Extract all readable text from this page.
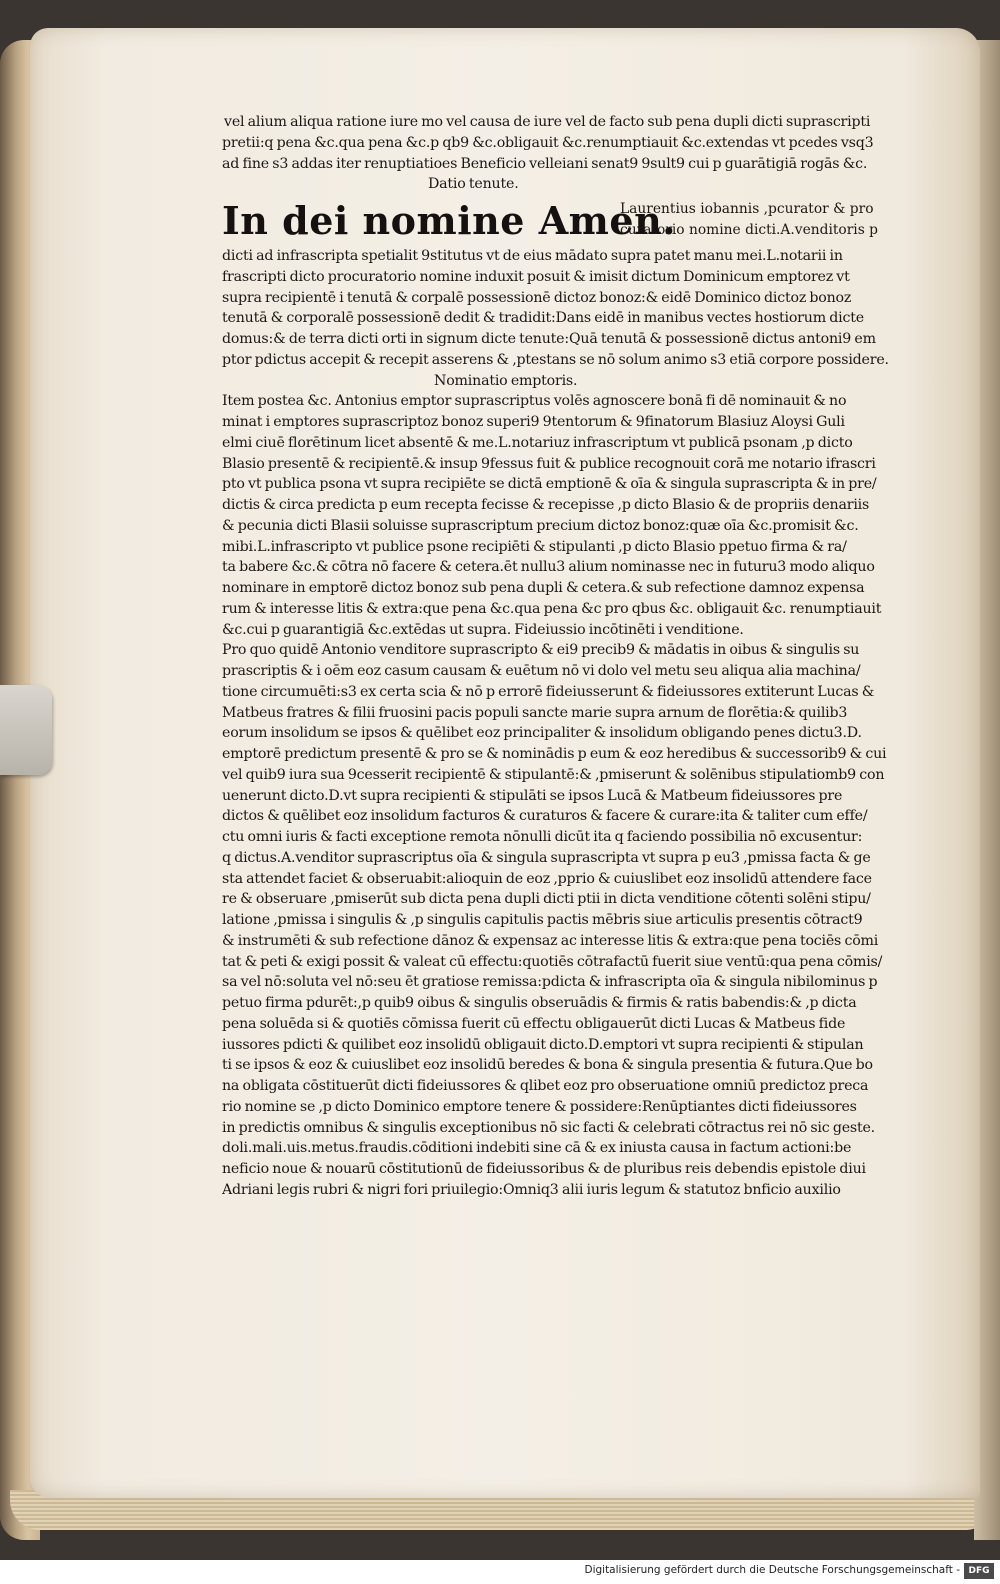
vel alium aliqua ratione iure mo vel causa de iure vel de facto sub pena dupli dicti suprascripti
pretii:q pena &c.qua pena &c.p qb9 &c.obligauit &c.renumptiauit &c.extendas vt pcedes vsq3
ad fine s3 addas iter renuptiatioes Beneficio velleiani senat9 9sult9 cui p guarātigiā rogās &c.
Datio tenute.
In dei nomine Amen.
Laurentius iobannis ,pcurator & pro
curatorio nomine dicti.A.venditoris p
dicti ad infrascripta spetialit 9stitutus vt de eius mādato supra patet manu mei.L.notarii in
frascripti dicto procuratorio nomine induxit posuit & imisit dictum Dominicum emptorez vt
supra recipientē i tenutā & corpalē possessionē dictoz bonoz:& eidē Dominico dictoz bonoz
tenutā & corporalē possessionē dedit & tradidit:Dans eidē in manibus vectes hostiorum dicte
domus:& de terra dicti orti in signum dicte tenute:Quā tenutā & possessionē dictus antoni9 em
ptor pdictus accepit & recepit asserens & ,ptestans se nō solum animo s3 etiā corpore possidere.
Nominatio emptoris.
Item postea &c. Antonius emptor suprascriptus volēs agnoscere bonā fi dē nominauit & no
minat i emptores suprascriptoz bonoz superi9 9tentorum & 9finatorum Blasiuz Aloysi Guli
elmi ciuē florētinum licet absentē & me.L.notariuz infrascriptum vt publicā psonam ,p dicto
Blasio presentē & recipientē.& insup 9fessus fuit & publice recognouit corā me notario ifrascri
pto vt publica psona vt supra recipiēte se dictā emptionē & oīa & singula suprascripta & in pre/
dictis & circa predicta p eum recepta fecisse & recepisse ,p dicto Blasio & de propriis denariis
& pecunia dicti Blasii soluisse suprascriptum precium dictoz bonoz:quæ oīa &c.promisit &c.
mibi.L.infrascripto vt publice psone recipiēti & stipulanti ,p dicto Blasio ppetuo firma & ra/
ta babere &c.& cōtra nō facere & cetera.ēt nullu3 alium nominasse nec in futuru3 modo aliquo
nominare in emptorē dictoz bonoz sub pena dupli & cetera.& sub refectione damnoz expensa
rum & interesse litis & extra:que pena &c.qua pena &c pro qbus &c. obligauit &c. renumptiauit
&c.cui p guarantigiā &c.extēdas ut supra. Fideiussio incōtinēti i venditione.
Pro quo quidē Antonio venditore suprascripto & ei9 precib9 & mādatis in oibus & singulis su
prascriptis & i oēm eoz casum causam & euētum nō vi dolo vel metu seu aliqua alia machina/
tione circumuēti:s3 ex certa scia & nō p errorē fideiusserunt & fideiussores extiterunt Lucas &
Matbeus fratres & filii fruosini pacis populi sancte marie supra arnum de florētia:& quilib3
eorum insolidum se ipsos & quēlibet eoz principaliter & insolidum obligando penes dictu3.D.
emptorē predictum presentē & pro se & nominādis p eum & eoz heredibus & successorib9 & cui
vel quib9 iura sua 9cesserit recipientē & stipulantē:& ,pmiserunt & solēnibus stipulatiomb9 con
uenerunt dicto.D.vt supra recipienti & stipulāti se ipsos Lucā & Matbeum fideiussores pre
dictos & quēlibet eoz insolidum facturos & curaturos & facere & curare:ita & taliter cum effe/
ctu omni iuris & facti exceptione remota nōnulli dicūt ita q faciendo possibilia nō excusentur:
q dictus.A.venditor suprascriptus oīa & singula suprascripta vt supra p eu3 ,pmissa facta & ge
sta attendet faciet & obseruabit:alioquin de eoz ,pprio & cuiuslibet eoz insolidū attendere face
re & obseruare ,pmiserūt sub dicta pena dupli dicti ptii in dicta venditione cōtenti solēni stipu/
latione ,pmissa i singulis & ,p singulis capitulis pactis mēbris siue articulis presentis cōtract9
& instrumēti & sub refectione dānoz & expensaz ac interesse litis & extra:que pena tociēs cōmi
tat & peti & exigi possit & valeat cū effectu:quotiēs cōtrafactū fuerit siue ventū:qua pena cōmis/
sa vel nō:soluta vel nō:seu ēt gratiose remissa:pdicta & infrascripta oīa & singula nibilominus p
petuo firma pdurēt:,p quib9 oibus & singulis obseruādis & firmis & ratis babendis:& ,p dicta
pena soluēda si & quotiēs cōmissa fuerit cū effectu obligauerūt dicti Lucas & Matbeus fide
iussores pdicti & quilibet eoz insolidū obligauit dicto.D.emptori vt supra recipienti & stipulan
ti se ipsos & eoz & cuiuslibet eoz insolidū beredes & bona & singula presentia & futura.Que bo
na obligata cōstituerūt dicti fideiussores & qlibet eoz pro obseruatione omniū predictoz preca
rio nomine se ,p dicto Dominico emptore tenere & possidere:Renūptiantes dicti fideiussores
in predictis omnibus & singulis exceptionibus nō sic facti & celebrati cōtractus rei nō sic geste.
doli.mali.uis.metus.fraudis.cōditioni indebiti sine cā & ex iniusta causa in factum actioni:be
neficio noue & nouarū cōstitutionū de fideiussoribus & de pluribus reis debendis epistole diui
Adriani legis rubri & nigri fori priuilegio:Omniq3 alii iuris legum & statutoz bnficio auxilio
Digitalisierung gefördert durch die Deutsche Forschungsgemeinschaft - DFG
